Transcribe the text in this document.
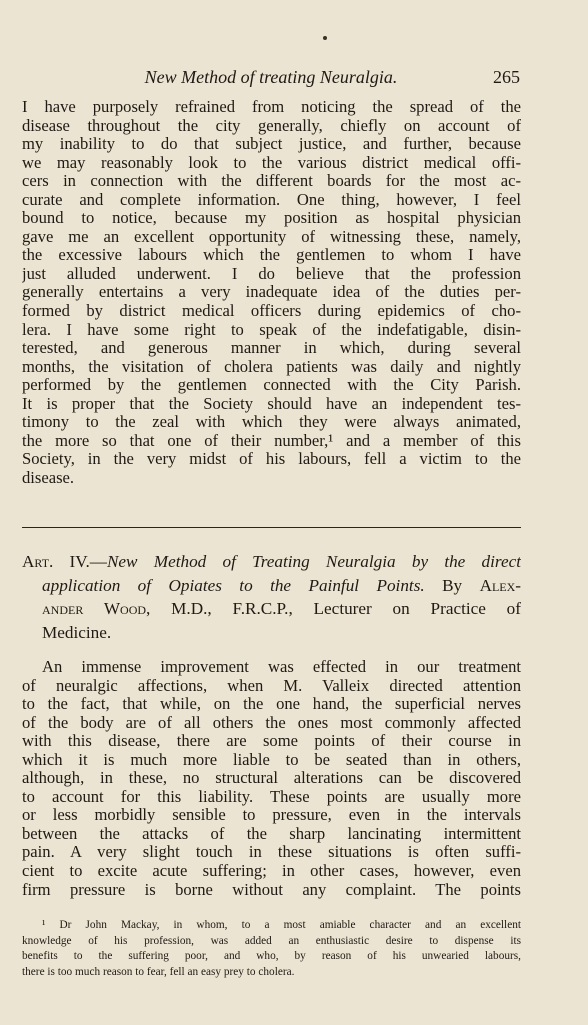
New Method of treating Neuralgia.	265
I have purposely refrained from noticing the spread of the
disease throughout the city generally, chiefly on account of
my inability to do that subject justice, and further, because
we may reasonably look to the various district medical offi-
cers in connection with the different boards for the most ac-
curate and complete information. One thing, however, I feel
bound to notice, because my position as hospital physician
gave me an excellent opportunity of witnessing these, namely,
the excessive labours which the gentlemen to whom I have
just alluded underwent. I do believe that the profession
generally entertains a very inadequate idea of the duties per-
formed by district medical officers during epidemics of cho-
lera. I have some right to speak of the indefatigable, disin-
terested, and generous manner in which, during several
months, the visitation of cholera patients was daily and nightly
performed by the gentlemen connected with the City Parish.
It is proper that the Society should have an independent tes-
timony to the zeal with which they were always animated,
the more so that one of their number,¹ and a member of this
Society, in the very midst of his labours, fell a victim to the
disease.
Art. IV.—New Method of Treating Neuralgia by the direct
application of Opiates to the Painful Points. By Alex-
ander Wood, M.D., F.R.C.P., Lecturer on Practice of
Medicine.
An immense improvement was effected in our treatment
of neuralgic affections, when M. Valleix directed attention
to the fact, that while, on the one hand, the superficial nerves
of the body are of all others the ones most commonly affected
with this disease, there are some points of their course in
which it is much more liable to be seated than in others,
although, in these, no structural alterations can be discovered
to account for this liability. These points are usually more
or less morbidly sensible to pressure, even in the intervals
between the attacks of the sharp lancinating intermittent
pain. A very slight touch in these situations is often suffi-
cient to excite acute suffering; in other cases, however, even
firm pressure is borne without any complaint. The points
¹ Dr John Mackay, in whom, to a most amiable character and an excellent
knowledge of his profession, was added an enthusiastic desire to dispense its
benefits to the suffering poor, and who, by reason of his unwearied labours,
there is too much reason to fear, fell an easy prey to cholera.
